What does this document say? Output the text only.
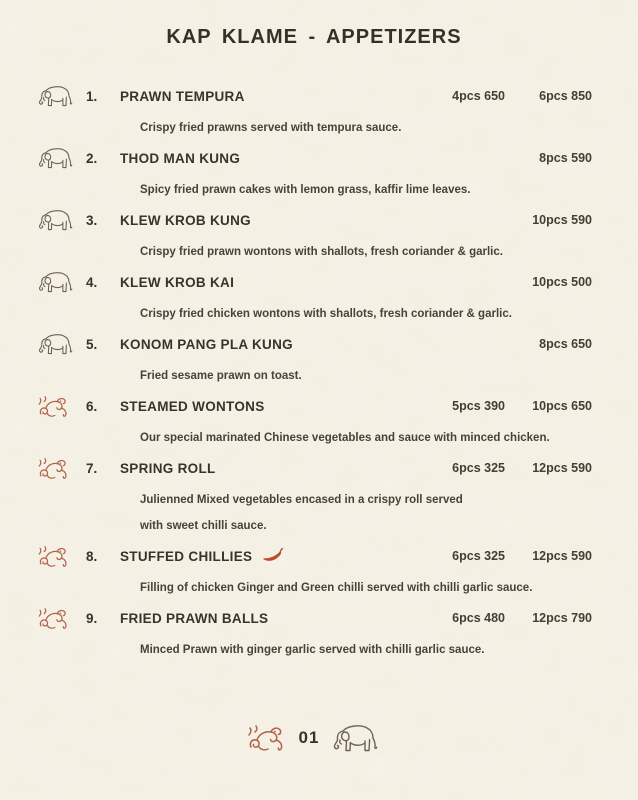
KAP KLAME - APPETIZERS
1.	PRAWN TEMPURA	4pcs 650	6pcs 850
Crispy fried prawns served with tempura sauce.
2.	THOD MAN KUNG	8pcs 590
Spicy fried prawn cakes with lemon grass, kaffir lime leaves.
3.	KLEW KROB KUNG	10pcs 590
Crispy fried prawn wontons with shallots, fresh coriander & garlic.
4.	KLEW KROB KAI	10pcs 500
Crispy fried chicken wontons with shallots, fresh coriander & garlic.
5.	KONOM PANG PLA KUNG	8pcs 650
Fried sesame prawn on toast.
6.	STEAMED WONTONS	5pcs 390	10pcs 650
Our special marinated Chinese vegetables and sauce with minced chicken.
7.	SPRING ROLL	6pcs 325	12pcs 590
Julienned Mixed vegetables encased in a crispy roll served
with sweet chilli sauce.
8.	STUFFED CHILLIES	6pcs 325	12pcs 590
Filling of chicken Ginger and Green chilli served with chilli garlic sauce.
9.	FRIED PRAWN BALLS	6pcs 480	12pcs 790
Minced Prawn with ginger garlic served with chilli garlic sauce.
01
